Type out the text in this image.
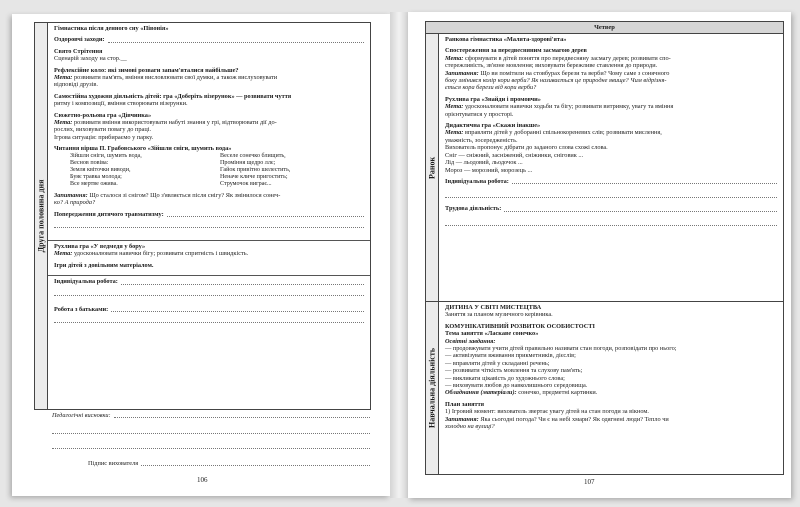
Друга половина дня

Гімнастика після денного сну «Півонія»

Оздоровчі заходи:

Свято Стрітення

Сценарій заходу на стор.__

Рефлексійне коло: які зимові розваги запам'яталися найбільше?

Мета: розвивати пам'ять, вміння висловлювати свої думки, а також вислуховувати

відповіді друзів.

Самостійна художня діяльність дітей: гра «Доберіть візерунок» — розвивати чуття

ритму і композиції, вміння створювати візерунки.

Сюжетно-рольова гра «Дівчинка»

Мета: розвивати вміння використовувати набуті знання у грі, відтворювати дії до-

рослих, виховувати повагу до праці.

Ігрова ситуація: прибираємо у парку.

Читання вірша П. Грабовського «Зійшли сніги, шумить вода»

Зійшли сніги, шумить вода,	Веселе сонечко блищить,

Веснов повіва:	Проміння щедро ллє;

Земля квіточки виводи,	Гайок привітно шелестить,

Буяє травка молода;	Неначе кличе пригостить;

Все мертве ожива.	Струмочок виграє...

Запитання: Що сталося зі снігом? Що з'являється після снігу? Як змінилося сонеч-

ко? А природа?

Попередження дитячого травматизму:

Рухлива гра «У ведмедя у бору»

Мета: удосконалювати навички бігу; розвивати спритність і швидкість.

Ігри дітей з довільним матеріалом.

Індивідуальна робота:
Робота з батьками:
Педагогічні висновки:
Підпис вихователя
106
Четвер
Ранок

Ранкова гімнастика «Малята-здорові'ята»

Спостереження за передвесняним засмагою дерев

Мета: сформувати в дітей поняття про передвесняну засмагу дерев; розвивати спо-

стережливість, зв'язне мовлення; виховувати бережливе ставлення до природи.

Запитання: Що ви помітили на стовбурах берези та верби? Чому саме з сонячного

боку змінився колір кори верби? Як називається це природне явище? Чим відрізня-

ється кора берези від кори верби?

Рухлива гра «Знайди і промовчи»

Мета: удосконалювати навички ходьби та бігу; розвивати витримку, увагу та вміння

орієнтуватися у просторі.

Дидактична гра «Скажи інакше»

Мета: вправляти дітей у доборанні спільнокореневих слів; розвивати мислення,

уважність, зосередженість.

Вихователь пропонує дібрати до заданого слова схожі слова.

Сніг — сніжний, засніжений, сніжинки, сніговик ...

Лід — льодовий, льодочок ...

Мороз — морозний, морозець ...

Індивідуальна робота:
Трудова діяльність:
Навчальна діяльність

ДИТИНА У СВІТІ МИСТЕЦТВА

Заняття за планом музичного керівника.

КОМУНІКАТИВНИЙ РОЗВИТОК ОСОБИСТОСТІ

Тема заняття «Ласкаве сонечко»

Освітні завдання:

— продовжувати учити дітей правильно називати стан погоди, розповідати про нього;

— активізувати вживання прикметників, дієслів;

— вправляти дітей у складанні речень;

— розвивати чіткість мовлення та слухову пам'ять;

— викликати цікавість до художнього слова;

— виховувати любов до навколишнього середовища.

Обладнання (матеріали): сонечко, предметні картинки.

План заняття

1) Ігровий момент: вихователь звертає увагу дітей на стан погоди за вікном.

Запитання: Яка сьогодні погода? Чи є на небі хмари? Як одягнені люди? Тепло чи

холодно на вулиці?

107
